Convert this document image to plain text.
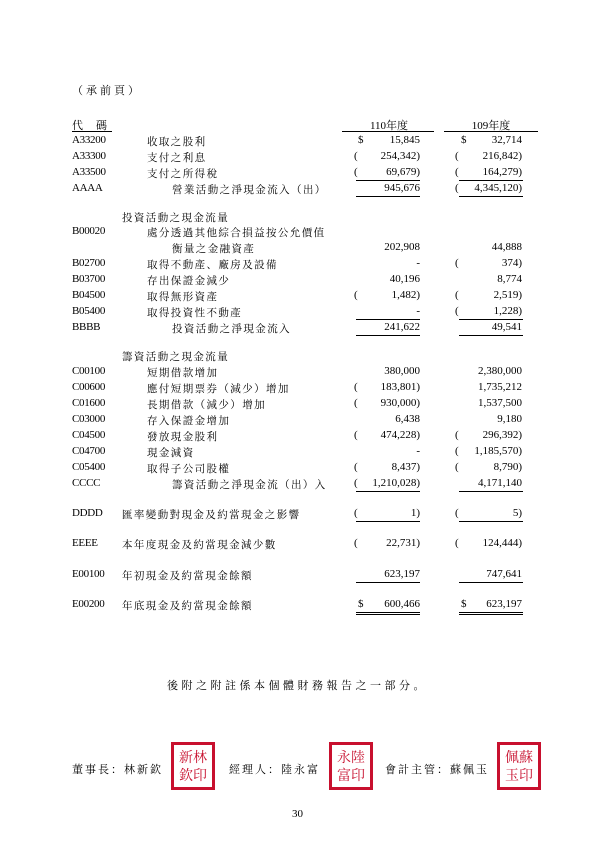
（承前頁）
代　碼	110年度	109年度
A33200	收取之股利	$	15,845	$	32,714
A33300	支付之利息	(	254,342)	(	216,842)
A33500	支付之所得稅	(	69,679)	(	164,279)
AAAA	營業活動之淨現金流入（出）	945,676	(	4,345,120)
投資活動之現金流量
B00020	處分透過其他綜合損益按公允價值
衡量之金融資產	202,908	44,888
B02700	取得不動產、廠房及設備	-	(	374)
B03700	存出保證金減少	40,196	8,774
B04500	取得無形資產	(	1,482)	(	2,519)
B05400	取得投資性不動產	-	(	1,228)
BBBB	投資活動之淨現金流入	241,622	49,541
籌資活動之現金流量
C00100	短期借款增加	380,000	2,380,000
C00600	應付短期票券（減少）增加	(	183,801)	1,735,212
C01600	長期借款（減少）增加	(	930,000)	1,537,500
C03000	存入保證金增加	6,438	9,180
C04500	發放現金股利	(	474,228)	(	296,392)
C04700	現金減資	-	(	1,185,570)
C05400	取得子公司股權	(	8,437)	(	8,790)
CCCC	籌資活動之淨現金流（出）入 (	1,210,028)	4,171,140
DDDD 匯率變動對現金及約當現金之影響	(	1)	(	5)
EEEE 本年度現金及約當現金減少數	(	22,731)	(	124,444)
E00100 年初現金及約當現金餘額	623,197	747,641
E00200 年底現金及約當現金餘額	$	600,466	$	623,197
後附之附註係本個體財務報告之一部分。
董事長：林新欽
新林
欽印 經理人：陸永富
永陸
富印 會計主管：蘇佩玉
佩蘇
玉印
30
